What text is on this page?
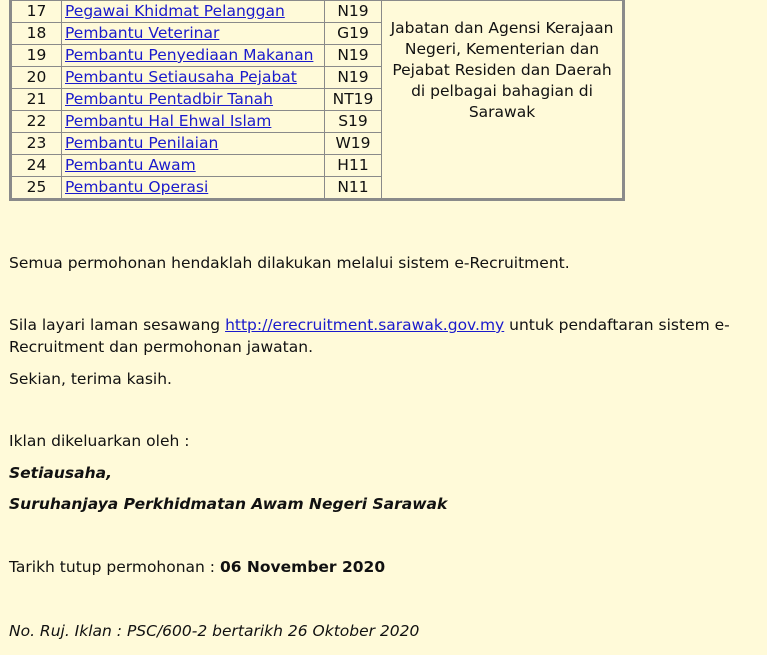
17	Pegawai Khidmat Pelanggan	N19	Jabatan dan Agensi Kerajaan Negeri, Kementerian dan Pejabat Residen dan Daerah di pelbagai bahagian di Sarawak
18	Pembantu Veterinar	G19	
19	Pembantu Penyediaan Makanan	N19	
20	Pembantu Setiausaha Pejabat	N19	
21	Pembantu Pentadbir Tanah	NT19	
22	Pembantu Hal Ehwal Islam	S19	
23	Pembantu Penilaian	W19	
24	Pembantu Awam	H11	
25	Pembantu Operasi	N11	

Semua permohonan hendaklah dilakukan melalui sistem e-Recruitment.

Sila layari laman sesawang http://erecruitment.sarawak.gov.my untuk pendaftaran sistem e-Recruitment dan permohonan jawatan.

Sekian, terima kasih.

Iklan dikeluarkan oleh :

Setiausaha,

Suruhanjaya Perkhidmatan Awam Negeri Sarawak

Tarikh tutup permohonan : 06 November 2020

No. Ruj. Iklan : PSC/600-2 bertarikh 26 Oktober 2020
